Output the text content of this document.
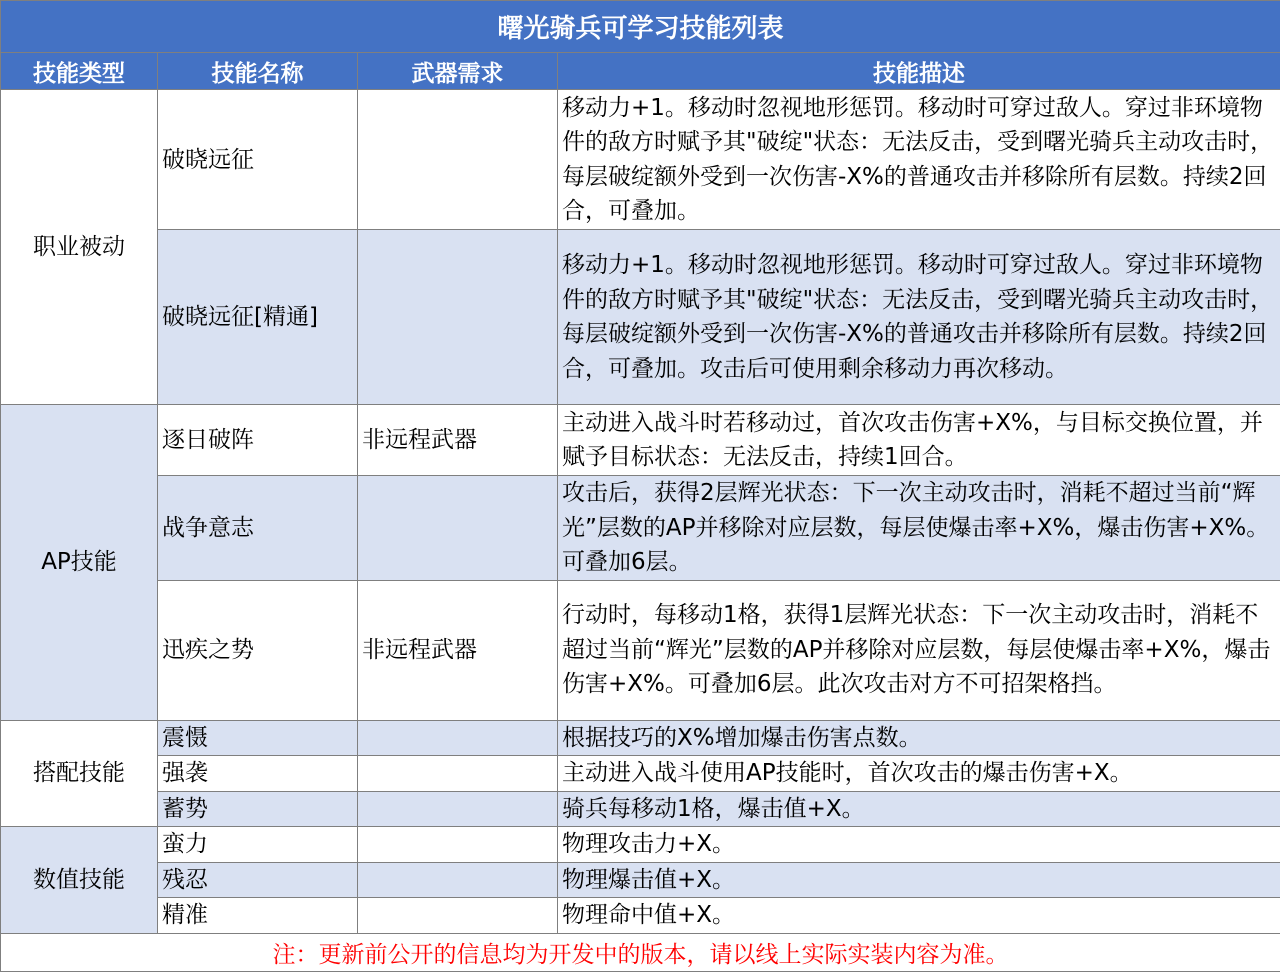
曙光骑兵可学习技能列表			
技能类型	技能名称	武器需求	技能描述
职业被动	破晓远征		移动力+1。移动时忽视地形惩罚。移动时可穿过敌人。穿过非环境物件的敌方时赋予其"破绽"状态：无法反击，受到曙光骑兵主动攻击时，每层破绽额外受到一次伤害-X%的普通攻击并移除所有层数。持续2回合，可叠加。
	破晓远征[精通]		移动力+1。移动时忽视地形惩罚。移动时可穿过敌人。穿过非环境物件的敌方时赋予其"破绽"状态：无法反击，受到曙光骑兵主动攻击时，每层破绽额外受到一次伤害-X%的普通攻击并移除所有层数。持续2回合，可叠加。攻击后可使用剩余移动力再次移动。
AP技能	逐日破阵	非远程武器	主动进入战斗时若移动过，首次攻击伤害+X%，与目标交换位置，并赋予目标状态：无法反击，持续1回合。
	战争意志		攻击后，获得2层辉光状态：下一次主动攻击时，消耗不超过当前“辉光”层数的AP并移除对应层数，每层使爆击率+X%，爆击伤害+X%。可叠加6层。
	迅疾之势	非远程武器	行动时，每移动1格，获得1层辉光状态：下一次主动攻击时，消耗不超过当前“辉光”层数的AP并移除对应层数，每层使爆击率+X%，爆击伤害+X%。可叠加6层。此次攻击对方不可招架格挡。
搭配技能	震慑		根据技巧的X%增加爆击伤害点数。
	强袭		主动进入战斗使用AP技能时，首次攻击的爆击伤害+X。
	蓄势		骑兵每移动1格，爆击值+X。
数值技能	蛮力		物理攻击力+X。
	残忍		物理爆击值+X。
	精准		物理命中值+X。
注：更新前公开的信息均为开发中的版本，请以线上实际实装内容为准。			
